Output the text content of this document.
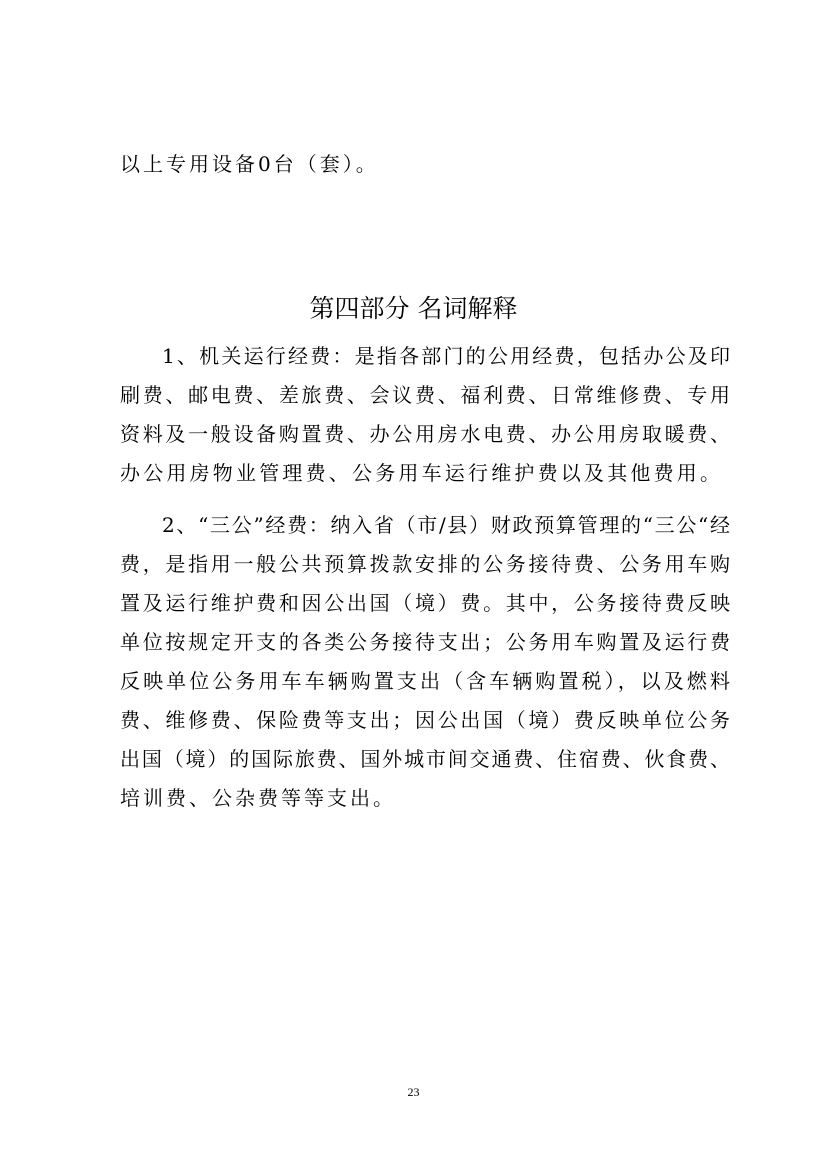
以上专用设备0台（套）。
第四部分 名词解释
1、机关运行经费：是指各部门的公用经费，包括办公及印
刷费、邮电费、差旅费、会议费、福利费、日常维修费、专用
资料及一般设备购置费、办公用房水电费、办公用房取暖费、
办公用房物业管理费、公务用车运行维护费以及其他费用。
2、“三公”经费：纳入省（市/县）财政预算管理的“三公“经
费，是指用一般公共预算拨款安排的公务接待费、公务用车购
置及运行维护费和因公出国（境）费。其中，公务接待费反映
单位按规定开支的各类公务接待支出；公务用车购置及运行费
反映单位公务用车车辆购置支出（含车辆购置税），以及燃料
费、维修费、保险费等支出；因公出国（境）费反映单位公务
出国（境）的国际旅费、国外城市间交通费、住宿费、伙食费、
培训费、公杂费等等支出。
23
